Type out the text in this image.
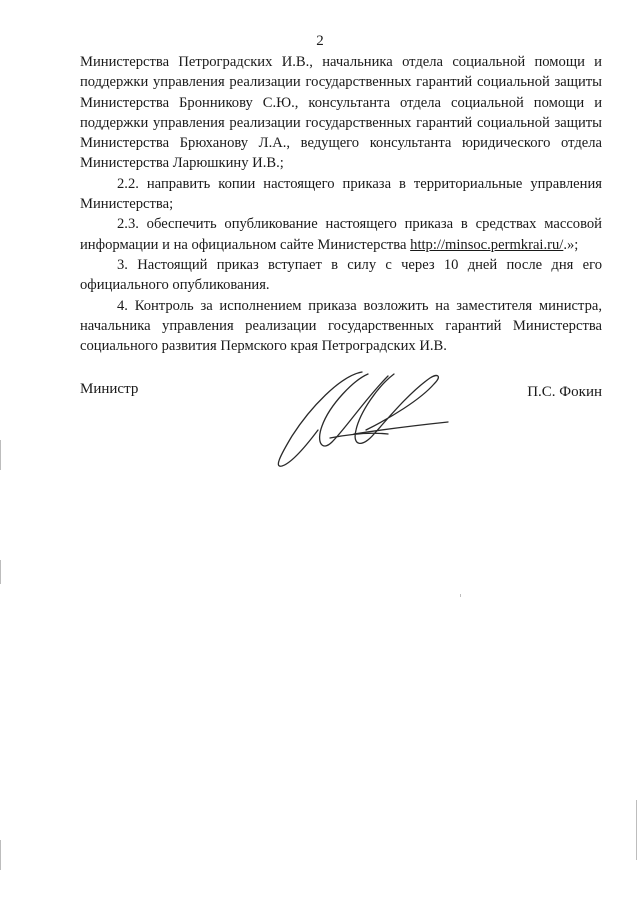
2

Министерства Петроградских И.В., начальника отдела социальной помощи и поддержки управления реализации государственных гарантий социальной защиты Министерства Бронникову С.Ю., консультанта отдела социальной помощи и поддержки управления реализации государственных гарантий социальной защиты Министерства Брюханову Л.А., ведущего консультанта юридического отдела Министерства Ларюшкину И.В.;

2.2. направить копии настоящего приказа в территориальные управления Министерства;

2.3. обеспечить опубликование настоящего приказа в средствах массовой информации и на официальном сайте Министерства http://minsoc.permkrai.ru/.»;

3. Настоящий приказ вступает в силу с через 10 дней после дня его официального опубликования.

4. Контроль за исполнением приказа возложить на заместителя министра, начальника управления реализации государственных гарантий Министерства социального развития Пермского края Петроградских И.В.

Министр	П.С. Фокин
